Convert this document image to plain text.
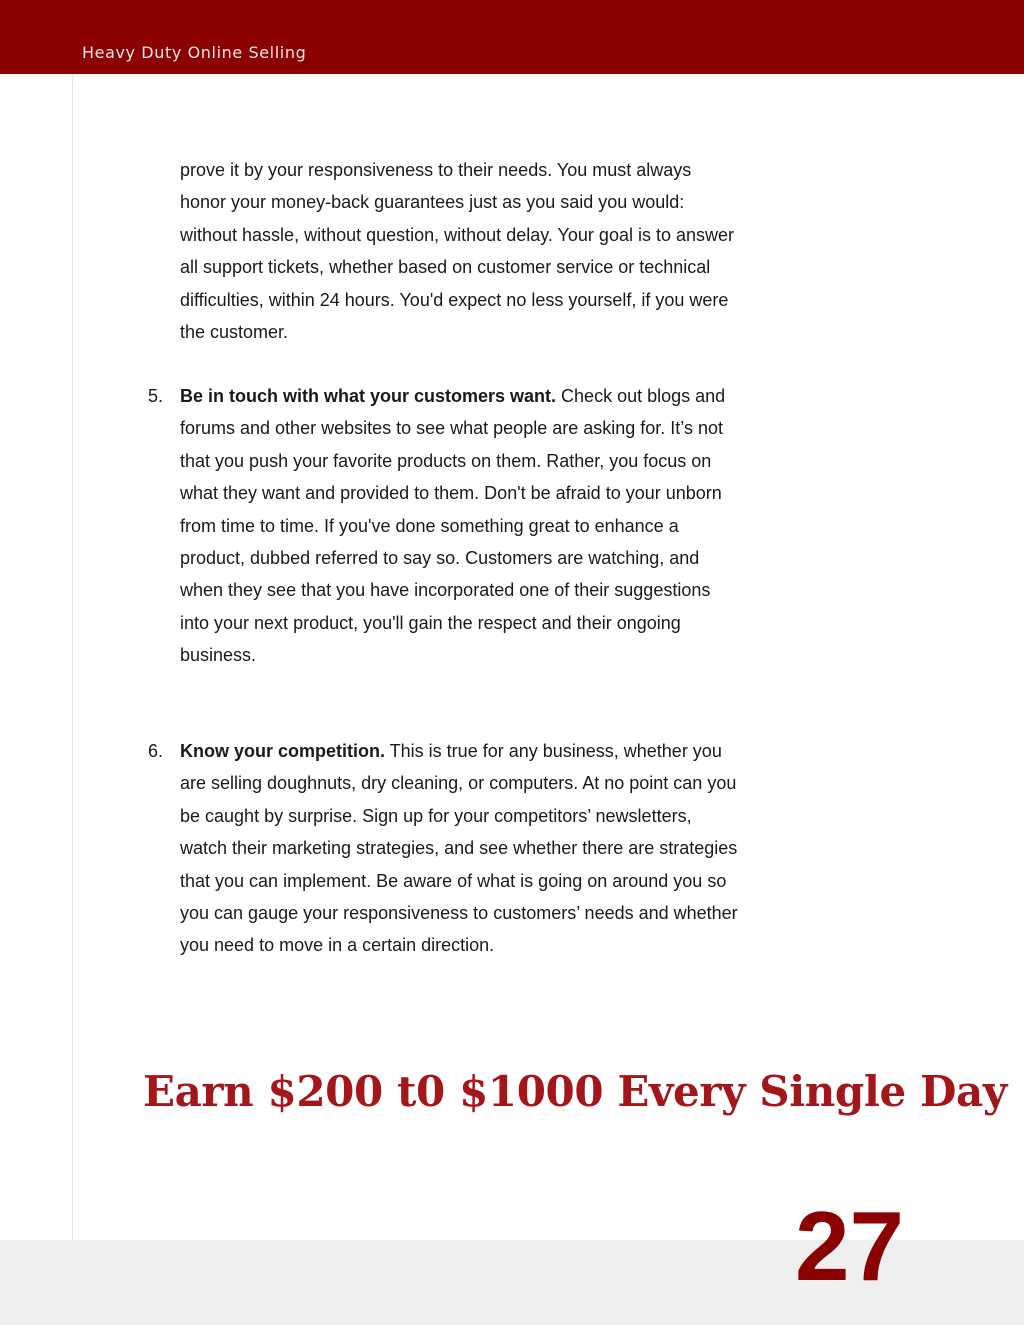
Heavy Duty Online Selling

prove it by your responsiveness to their needs. You must always honor your money-back guarantees just as you said you would: without hassle, without question, without delay. Your goal is to answer all support tickets, whether based on customer service or technical difficulties, within 24 hours. You'd expect no less yourself, if you were the customer.

5. Be in touch with what your customers want. Check out blogs and forums and other websites to see what people are asking for. It’s not that you push your favorite products on them. Rather, you focus on what they want and provided to them. Don't be afraid to your unborn from time to time. If you've done something great to enhance a product, dubbed referred to say so. Customers are watching, and when they see that you have incorporated one of their suggestions into your next product, you'll gain the respect and their ongoing business.

6. Know your competition. This is true for any business, whether you are selling doughnuts, dry cleaning, or computers. At no point can you be caught by surprise. Sign up for your competitors’ newsletters, watch their marketing strategies, and see whether there are strategies that you can implement. Be aware of what is going on around you so you can gauge your responsiveness to customers’ needs and whether you need to move in a certain direction.

Earn $200 t0 $1000 Every Single Day
27
